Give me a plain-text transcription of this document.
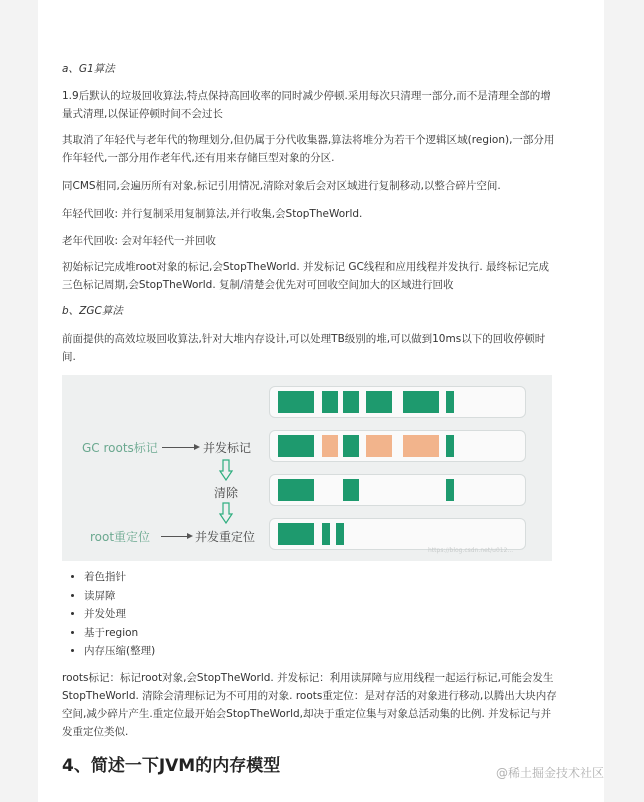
a、G1算法
1.9后默认的垃圾回收算法,特点保持高回收率的同时减少停顿.采用每次只清理一部分,而不是清理全部的增量式清理,以保证停顿时间不会过长
其取消了年轻代与老年代的物理划分,但仍属于分代收集器,算法将堆分为若干个逻辑区域(region),一部分用作年轻代,一部分用作老年代,还有用来存储巨型对象的分区.
同CMS相同,会遍历所有对象,标记引用情况,清除对象后会对区域进行复制移动,以整合碎片空间.
年轻代回收: 并行复制采用复制算法,并行收集,会StopTheWorld.
老年代回收: 会对年轻代一并回收
初始标记完成堆root对象的标记,会StopTheWorld. 并发标记 GC线程和应用线程并发执行. 最终标记完成三色标记周期,会StopTheWorld. 复制/清楚会优先对可回收空间加大的区域进行回收
b、ZGC算法
前面提供的高效垃圾回收算法,针对大堆内存设计,可以处理TB级别的堆,可以做到10ms以下的回收停顿时间.
GC roots标记	并发标记
清除
root重定位	并发重定位
https://blog.csdn.net/u012...
• 着色指针
• 读屏障
• 并发处理
• 基于region
• 内存压缩(整理)
roots标记：标记root对象,会StopTheWorld. 并发标记：利用读屏障与应用线程一起运行标记,可能会发生StopTheWorld. 清除会清理标记为不可用的对象. roots重定位：是对存活的对象进行移动,以腾出大块内存空间,减少碎片产生.重定位最开始会StopTheWorld,却决于重定位集与对象总活动集的比例. 并发标记与并发重定位类似.
4、简述一下JVM的内存模型	@稀土掘金技术社区
